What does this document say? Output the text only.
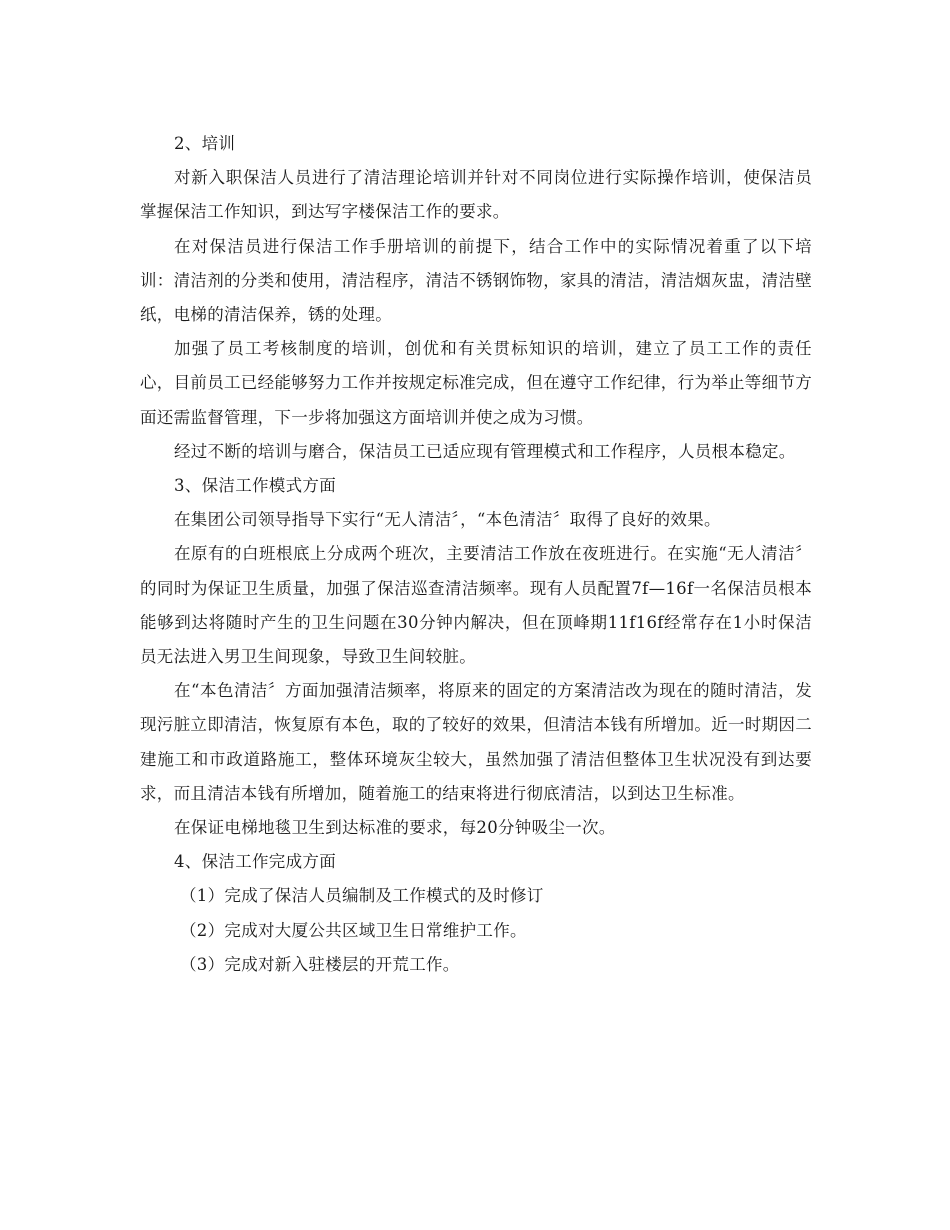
2、培训

对新入职保洁人员进行了清洁理论培训并针对不同岗位进行实际操作培训，使保洁员掌握保洁工作知识，到达写字楼保洁工作的要求。

在对保洁员进行保洁工作手册培训的前提下，结合工作中的实际情况着重了以下培训：清洁剂的分类和使用，清洁程序，清洁不锈钢饰物，家具的清洁，清洁烟灰盅，清洁壁纸，电梯的清洁保养，锈的处理。

加强了员工考核制度的培训，创优和有关贯标知识的培训，建立了员工工作的责任心，目前员工已经能够努力工作并按规定标准完成，但在遵守工作纪律，行为举止等细节方面还需监督管理，下一步将加强这方面培训并使之成为习惯。

经过不断的培训与磨合，保洁员工已适应现有管理模式和工作程序，人员根本稳定。

3、保洁工作模式方面

在集团公司领导指导下实行“无人清洁〞，“本色清洁〞取得了良好的效果。

在原有的白班根底上分成两个班次，主要清洁工作放在夜班进行。在实施“无人清洁〞的同时为保证卫生质量，加强了保洁巡查清洁频率。现有人员配置7f—16f一名保洁员根本能够到达将随时产生的卫生问题在30分钟内解决，但在顶峰期11f16f经常存在1小时保洁员无法进入男卫生间现象，导致卫生间较脏。

在“本色清洁〞方面加强清洁频率，将原来的固定的方案清洁改为现在的随时清洁，发现污脏立即清洁，恢复原有本色，取的了较好的效果，但清洁本钱有所增加。近一时期因二建施工和市政道路施工，整体环境灰尘较大，虽然加强了清洁但整体卫生状况没有到达要求，而且清洁本钱有所增加，随着施工的结束将进行彻底清洁，以到达卫生标准。

在保证电梯地毯卫生到达标准的要求，每20分钟吸尘一次。

4、保洁工作完成方面

（1）完成了保洁人员编制及工作模式的及时修订

（2）完成对大厦公共区域卫生日常维护工作。

（3）完成对新入驻楼层的开荒工作。
